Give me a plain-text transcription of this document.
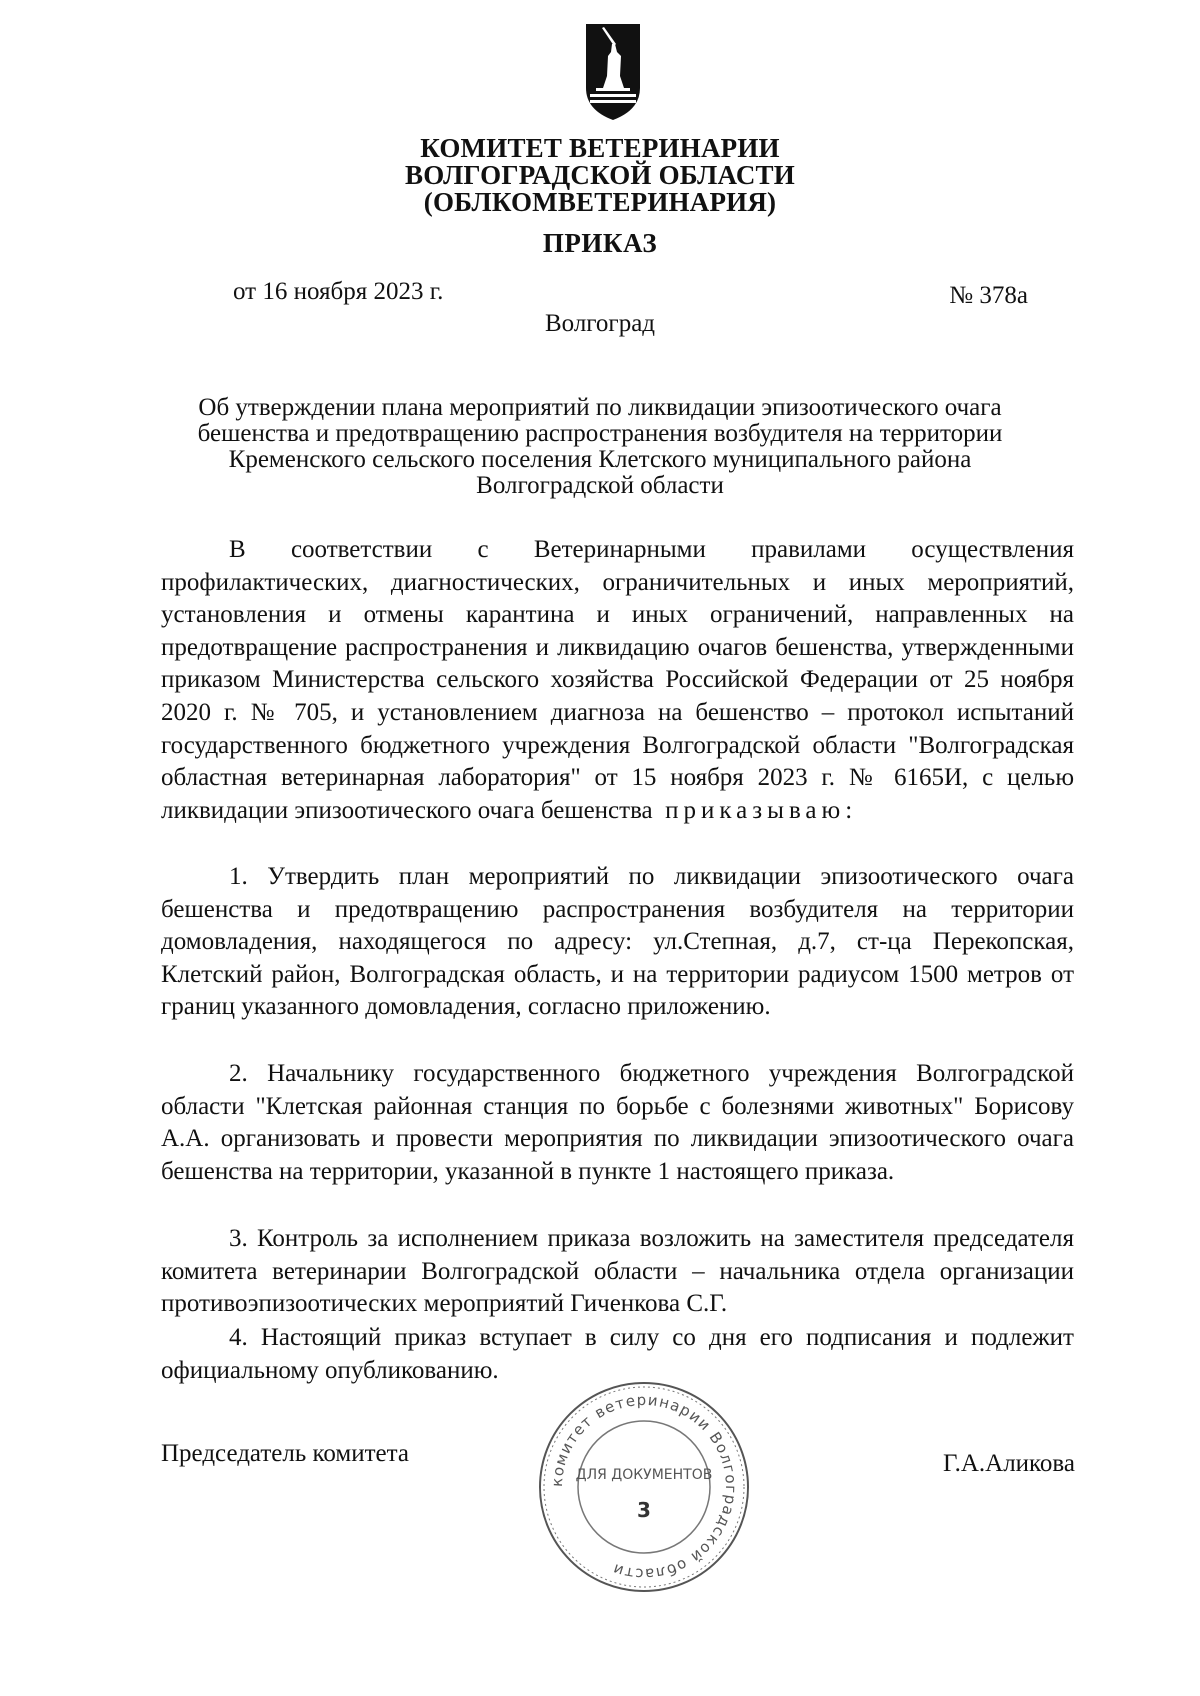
КОМИТЕТ ВЕТЕРИНАРИИ
ВОЛГОГРАДСКОЙ ОБЛАСТИ
(ОБЛКОМВЕТЕРИНАРИЯ)
ПРИКАЗ
от 16 ноября 2023 г.	№ 378а
Волгоград
Об утверждении плана мероприятий по ликвидации эпизоотического очага
бешенства и предотвращению распространения возбудителя на территории
Кременского сельского поселения Клетского муниципального района
Волгоградской области

В соответствии с Ветеринарными правилами осуществления профилактических, диагностических, ограничительных и иных мероприятий, установления и отмены карантина и иных ограничений, направленных на предотвращение распространения и ликвидацию очагов бешенства, утвержденными приказом Министерства сельского хозяйства Российской Федерации от 25 ноября 2020 г. № 705, и установлением диагноза на бешенство – протокол испытаний государственного бюджетного учреждения Волгоградской области "Волгоградская областная ветеринарная лаборатория" от 15 ноября 2023 г. № 6165И, с целью ликвидации эпизоотического очага бешенства приказываю:

1. Утвердить план мероприятий по ликвидации эпизоотического очага бешенства и предотвращению распространения возбудителя на территории домовладения, находящегося по адресу: ул.Степная, д.7, ст-ца Перекопская, Клетский район, Волгоградская область, и на территории радиусом 1500 метров от границ указанного домовладения, согласно приложению.

2. Начальнику государственного бюджетного учреждения Волгоградской области "Клетская районная станция по борьбе с болезнями животных" Борисову А.А. организовать и провести мероприятия по ликвидации эпизоотического очага бешенства на территории, указанной в пункте 1 настоящего приказа.

3. Контроль за исполнением приказа возложить на заместителя председателя комитета ветеринарии Волгоградской области – начальника отдела организации противоэпизоотических мероприятий Гиченкова С.Г.

4. Настоящий приказ вступает в силу со дня его подписания и подлежит официальному опубликованию.

Председатель комитета	Г.А.Аликова
комитет ветеринарии Волгоградской области
ДЛЯ ДОКУМЕНТОВ
3
